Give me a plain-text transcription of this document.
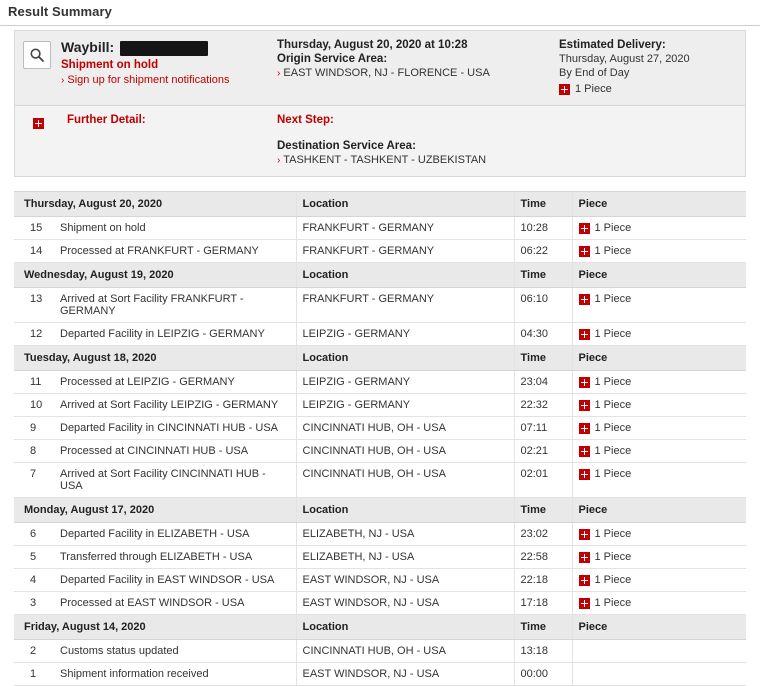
Result Summary
Waybill:
Shipment on hold
› Sign up for shipment notifications
Thursday, August 20, 2020 at 10:28
Origin Service Area:
› EAST WINDSOR, NJ - FLORENCE - USA
Estimated Delivery:
Thursday, August 27, 2020
By End of Day
1 Piece
Further Detail:	Next Step:
Destination Service Area:
› TASHKENT - TASHKENT - UZBEKISTAN
Thursday, August 20, 2020		Location	Time	Piece
15	Shipment on hold	FRANKFURT - GERMANY	10:28	1 Piece

14	Processed at FRANKFURT - GERMANY	FRANKFURT - GERMANY	06:22	1 Piece

Wednesday, August 19, 2020		Location	Time	Piece
13	Arrived at Sort Facility FRANKFURT - GERMANY	FRANKFURT - GERMANY	06:10	1 Piece

12	Departed Facility in LEIPZIG - GERMANY	LEIPZIG - GERMANY	04:30	1 Piece

Tuesday, August 18, 2020		Location	Time	Piece
11	Processed at LEIPZIG - GERMANY	LEIPZIG - GERMANY	23:04	1 Piece

10	Arrived at Sort Facility LEIPZIG - GERMANY	LEIPZIG - GERMANY	22:32	1 Piece

9	Departed Facility in CINCINNATI HUB - USA	CINCINNATI HUB, OH - USA	07:11	1 Piece

8	Processed at CINCINNATI HUB - USA	CINCINNATI HUB, OH - USA	02:21	1 Piece

7	Arrived at Sort Facility CINCINNATI HUB - USA	CINCINNATI HUB, OH - USA	02:01	1 Piece

Monday, August 17, 2020		Location	Time	Piece
6	Departed Facility in ELIZABETH - USA	ELIZABETH, NJ - USA	23:02	1 Piece

5	Transferred through ELIZABETH - USA	ELIZABETH, NJ - USA	22:58	1 Piece

4	Departed Facility in EAST WINDSOR - USA	EAST WINDSOR, NJ - USA	22:18	1 Piece

3	Processed at EAST WINDSOR - USA	EAST WINDSOR, NJ - USA	17:18	1 Piece

Friday, August 14, 2020		Location	Time	Piece
2	Customs status updated	CINCINNATI HUB, OH - USA	13:18	
1	Shipment information received	EAST WINDSOR, NJ - USA	00:00	
